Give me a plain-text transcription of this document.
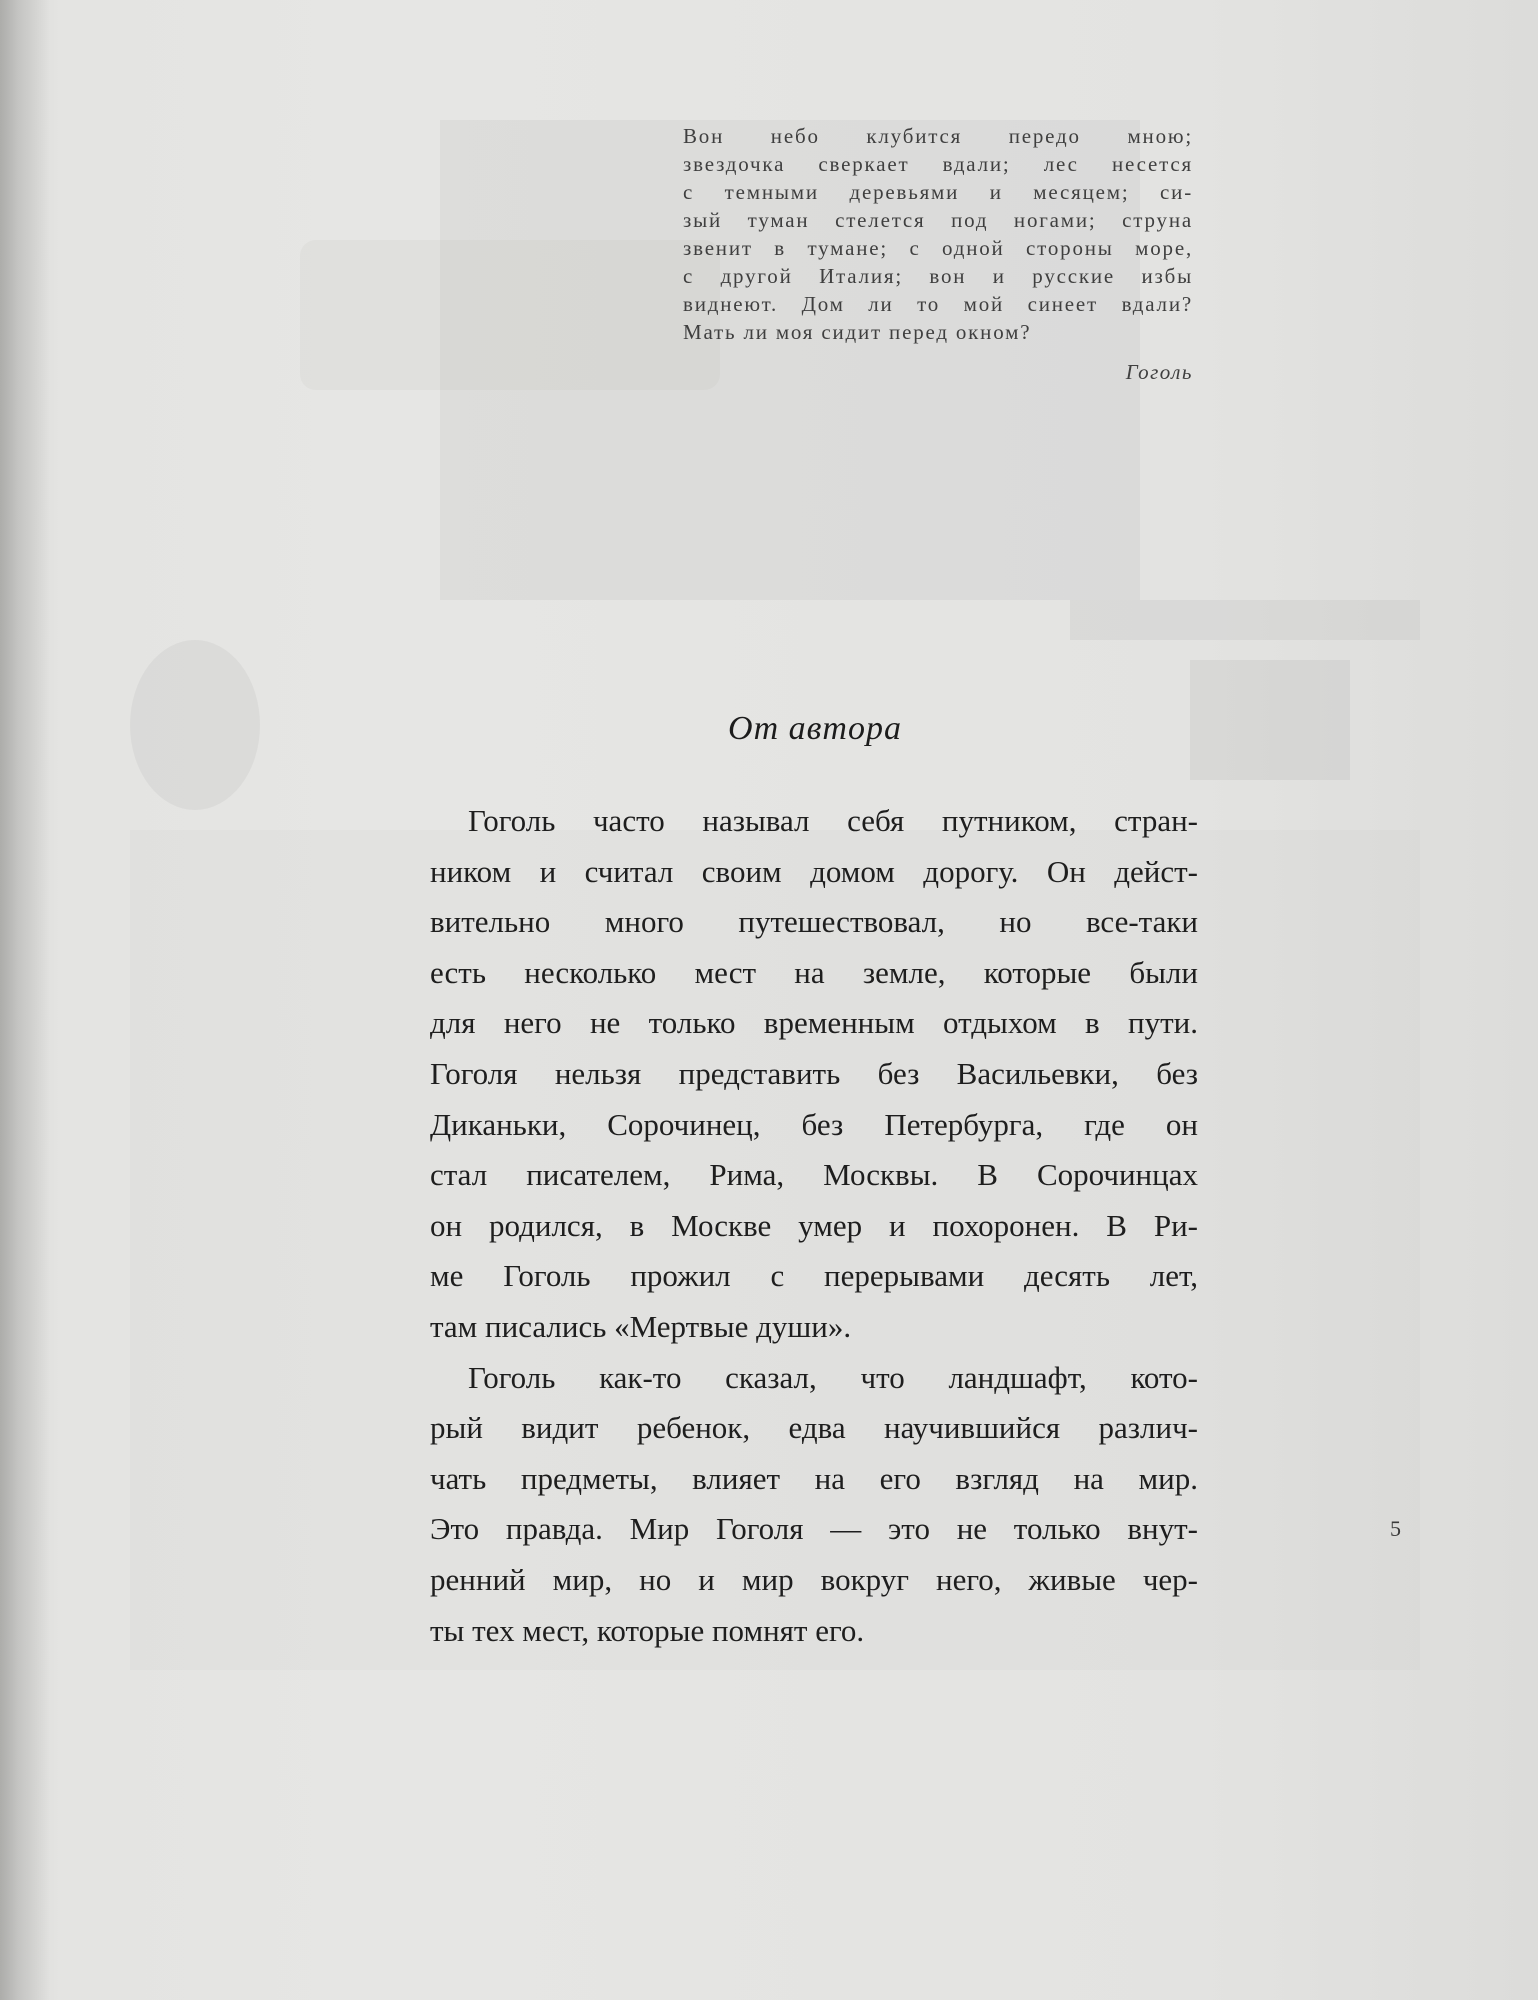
Вон небо клубится передо мною;
звездочка сверкает вдали; лес несется
с темными деревьями и месяцем; си-
зый туман стелется под ногами; струна
звенит в тумане; с одной стороны море,
с другой Италия; вон и русские избы
виднеют. Дом ли то мой синеет вдали?
Мать ли моя сидит перед окном?
Гоголь
От автора
Гоголь часто называл себя путником, стран-
ником и считал своим домом дорогу. Он дейст-
вительно много путешествовал, но все-таки
есть несколько мест на земле, которые были
для него не только временным отдыхом в пути.
Гоголя нельзя представить без Васильевки, без
Диканьки, Сорочинец, без Петербурга, где он
стал писателем, Рима, Москвы. В Сорочинцах
он родился, в Москве умер и похоронен. В Ри-
ме Гоголь прожил с перерывами десять лет,
там писались «Мертвые души».
Гоголь как-то сказал, что ландшафт, кото-
рый видит ребенок, едва научившийся различ-
чать предметы, влияет на его взгляд на мир.
Это правда. Мир Гоголя — это не только внут-
ренний мир, но и мир вокруг него, живые чер-
ты тех мест, которые помнят его.
5
